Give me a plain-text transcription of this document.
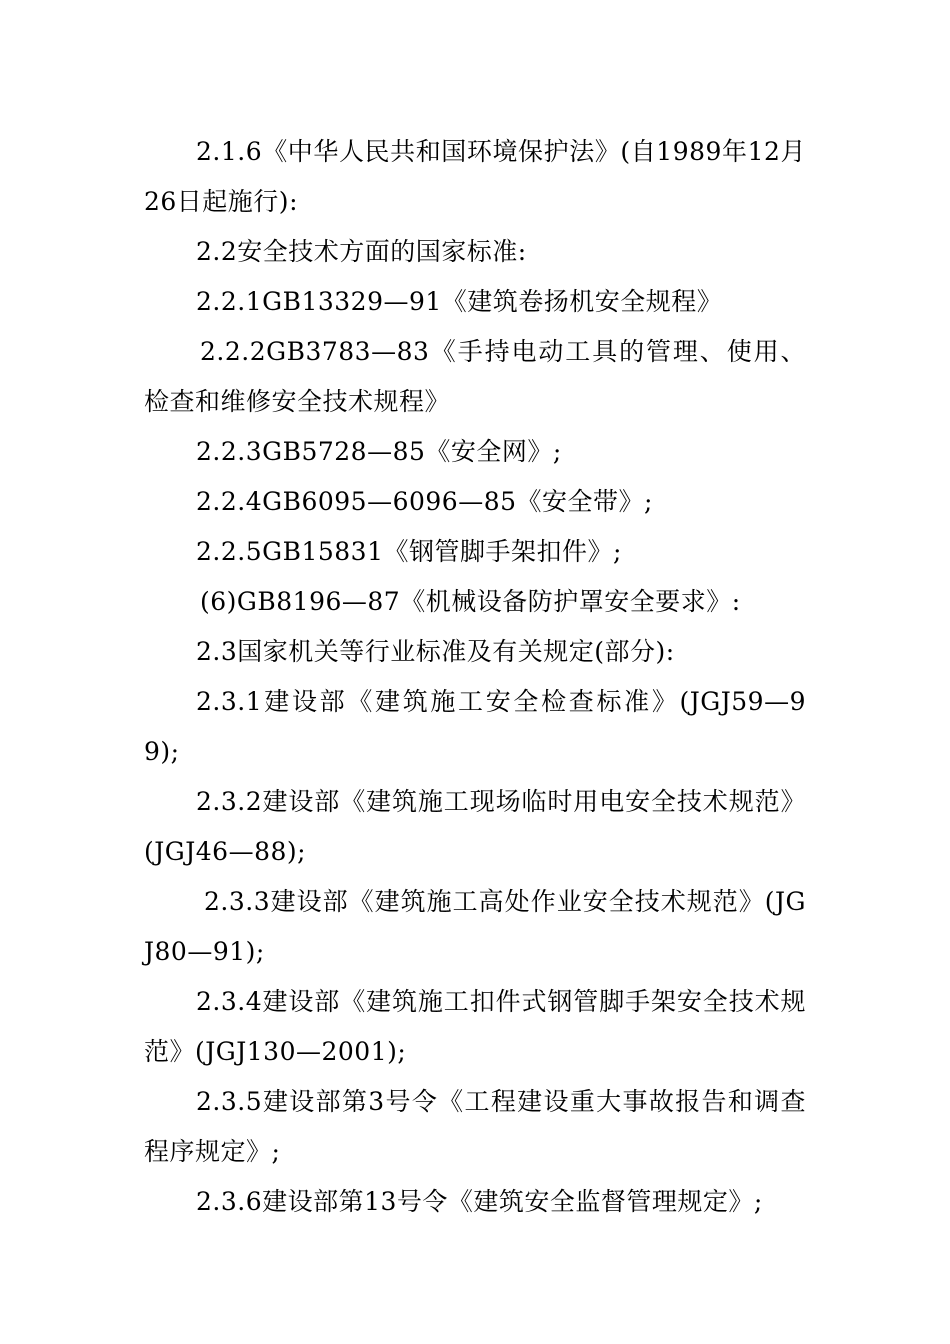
2.1.6《中华人民共和国环境保护法》(自1989年12月26日起施行):

2.2安全技术方面的国家标准:

2.2.1GB13329—91《建筑卷扬机安全规程》

2.2.2GB3783—83《手持电动工具的管理、使用、检查和维修安全技术规程》

2.2.3GB5728—85《安全网》;

2.2.4GB6095—6096—85《安全带》;

2.2.5GB15831《钢管脚手架扣件》;

(6)GB8196—87《机械设备防护罩安全要求》:

2.3国家机关等行业标准及有关规定(部分):

2.3.1建设部《建筑施工安全检查标准》(JGJ59—99);

2.3.2建设部《建筑施工现场临时用电安全技术规范》(JGJ46—88);

2.3.3建设部《建筑施工高处作业安全技术规范》(JGJ80—91);

2.3.4建设部《建筑施工扣件式钢管脚手架安全技术规范》(JGJ130—2001);

2.3.5建设部第3号令《工程建设重大事故报告和调查程序规定》;

2.3.6建设部第13号令《建筑安全监督管理规定》;
